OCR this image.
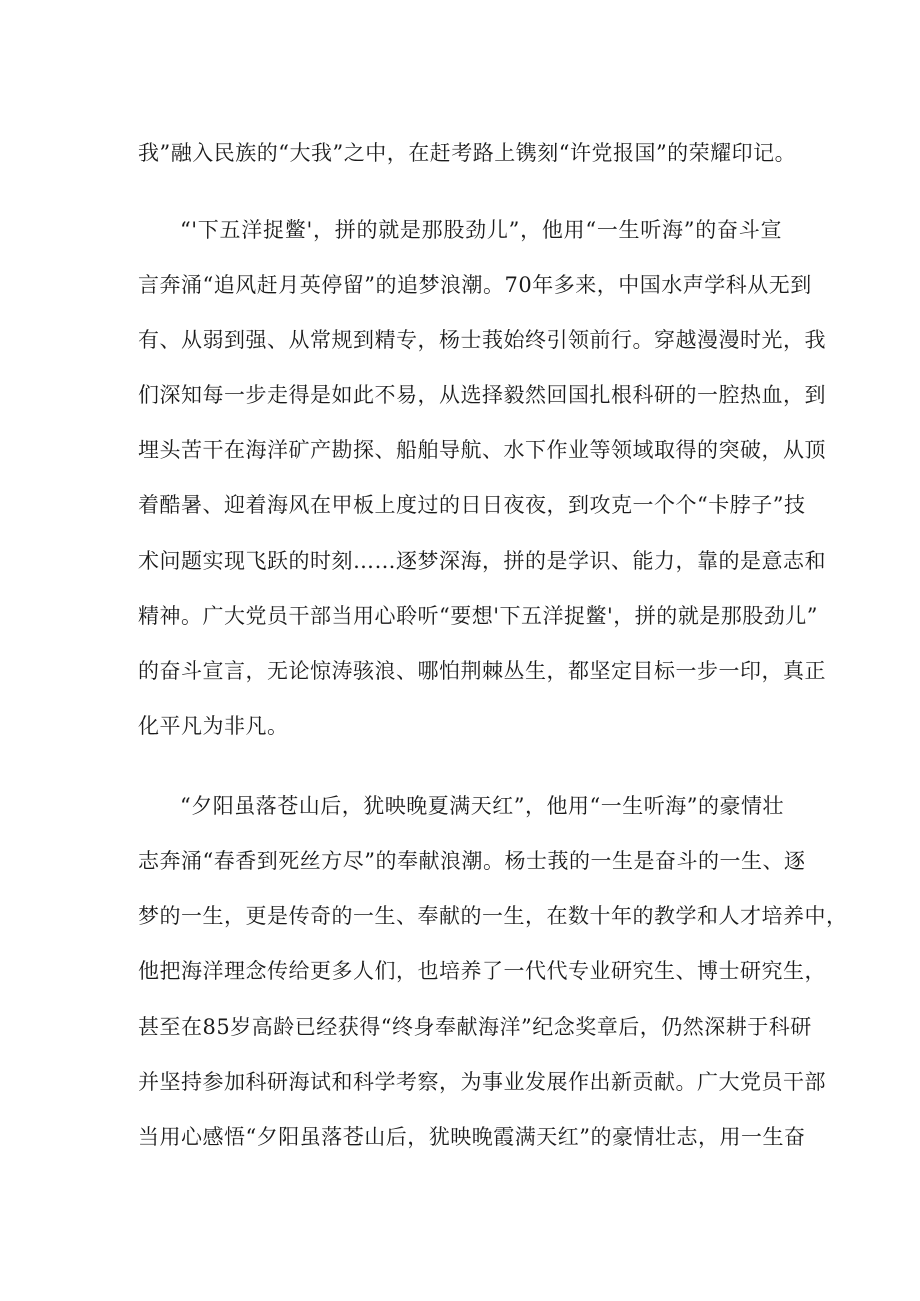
我”融入民族的“大我”之中，在赶考路上镌刻“许党报国”的荣耀印记。

“'下五洋捉鳖'，拼的就是那股劲儿”，他用“一生听海”的奋斗宣

言奔涌“追风赶月英停留”的追梦浪潮。70年多来，中国水声学科从无到

有、从弱到强、从常规到精专，杨士莪始终引领前行。穿越漫漫时光，我

们深知每一步走得是如此不易，从选择毅然回国扎根科研的一腔热血，到

埋头苦干在海洋矿产勘探、船舶导航、水下作业等领域取得的突破，从顶

着酷暑、迎着海风在甲板上度过的日日夜夜，到攻克一个个“卡脖子”技

术问题实现飞跃的时刻……逐梦深海，拼的是学识、能力，靠的是意志和

精神。广大党员干部当用心聆听“要想'下五洋捉鳖'，拼的就是那股劲儿”

的奋斗宣言，无论惊涛骇浪、哪怕荆棘丛生，都坚定目标一步一印，真正

化平凡为非凡。

“夕阳虽落苍山后，犹映晚夏满天红”，他用“一生听海”的豪情壮

志奔涌“春香到死丝方尽”的奉献浪潮。杨士莪的一生是奋斗的一生、逐

梦的一生，更是传奇的一生、奉献的一生，在数十年的教学和人才培养中，

他把海洋理念传给更多人们，也培养了一代代专业研究生、博士研究生，

甚至在85岁高龄已经获得“终身奉献海洋”纪念奖章后，仍然深耕于科研

并坚持参加科研海试和科学考察，为事业发展作出新贡献。广大党员干部

当用心感悟“夕阳虽落苍山后，犹映晚霞满天红”的豪情壮志，用一生奋
